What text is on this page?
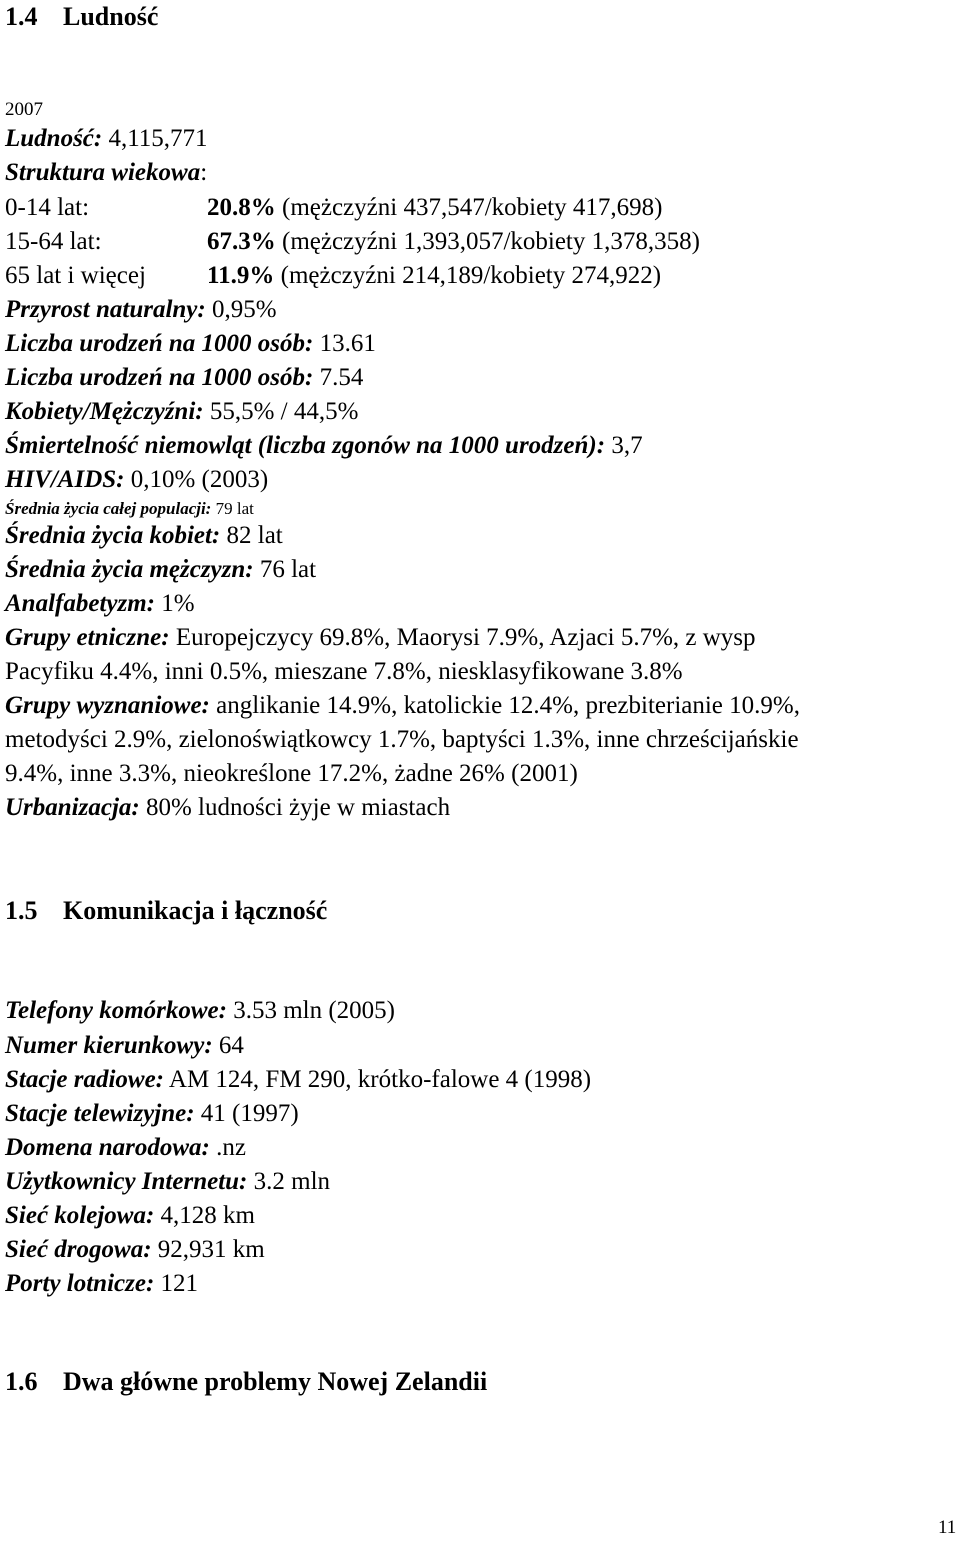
1.4 Ludność
2007
Ludność: 4,115,771
Struktura wiekowa:
0-14 lat:	20.8% (mężczyźni 437,547/kobiety 417,698)
15-64 lat:	67.3% (mężczyźni 1,393,057/kobiety 1,378,358)
65 lat i więcej 11.9% (mężczyźni 214,189/kobiety 274,922)
Przyrost naturalny: 0,95%
Liczba urodzeń na 1000 osób: 13.61
Liczba urodzeń na 1000 osób: 7.54
Kobiety/Mężczyźni: 55,5% / 44,5%
Śmiertelność niemowląt (liczba zgonów na 1000 urodzeń): 3,7
HIV/AIDS: 0,10% (2003)
Średnia życia całej populacji: 79 lat
Średnia życia kobiet: 82 lat
Średnia życia mężczyzn: 76 lat
Analfabetyzm: 1%
Grupy etniczne: Europejczycy 69.8%, Maorysi 7.9%, Azjaci 5.7%, z wysp
Pacyfiku 4.4%, inni 0.5%, mieszane 7.8%, niesklasyfikowane 3.8%
Grupy wyznaniowe: anglikanie 14.9%, katolickie 12.4%, prezbiterianie 10.9%,
metodyści 2.9%, zielonoświątkowcy 1.7%, baptyści 1.3%, inne chrześcijańskie
9.4%, inne 3.3%, nieokreślone 17.2%, żadne 26% (2001)
Urbanizacja: 80% ludności żyje w miastach
1.5 Komunikacja i łączność
Telefony komórkowe: 3.53 mln (2005)
Numer kierunkowy: 64
Stacje radiowe: AM 124, FM 290, krótko-falowe 4 (1998)
Stacje telewizyjne: 41 (1997)
Domena narodowa: .nz
Użytkownicy Internetu: 3.2 mln
Sieć kolejowa: 4,128 km
Sieć drogowa: 92,931 km
Porty lotnicze: 121
1.6 Dwa główne problemy Nowej Zelandii
11
